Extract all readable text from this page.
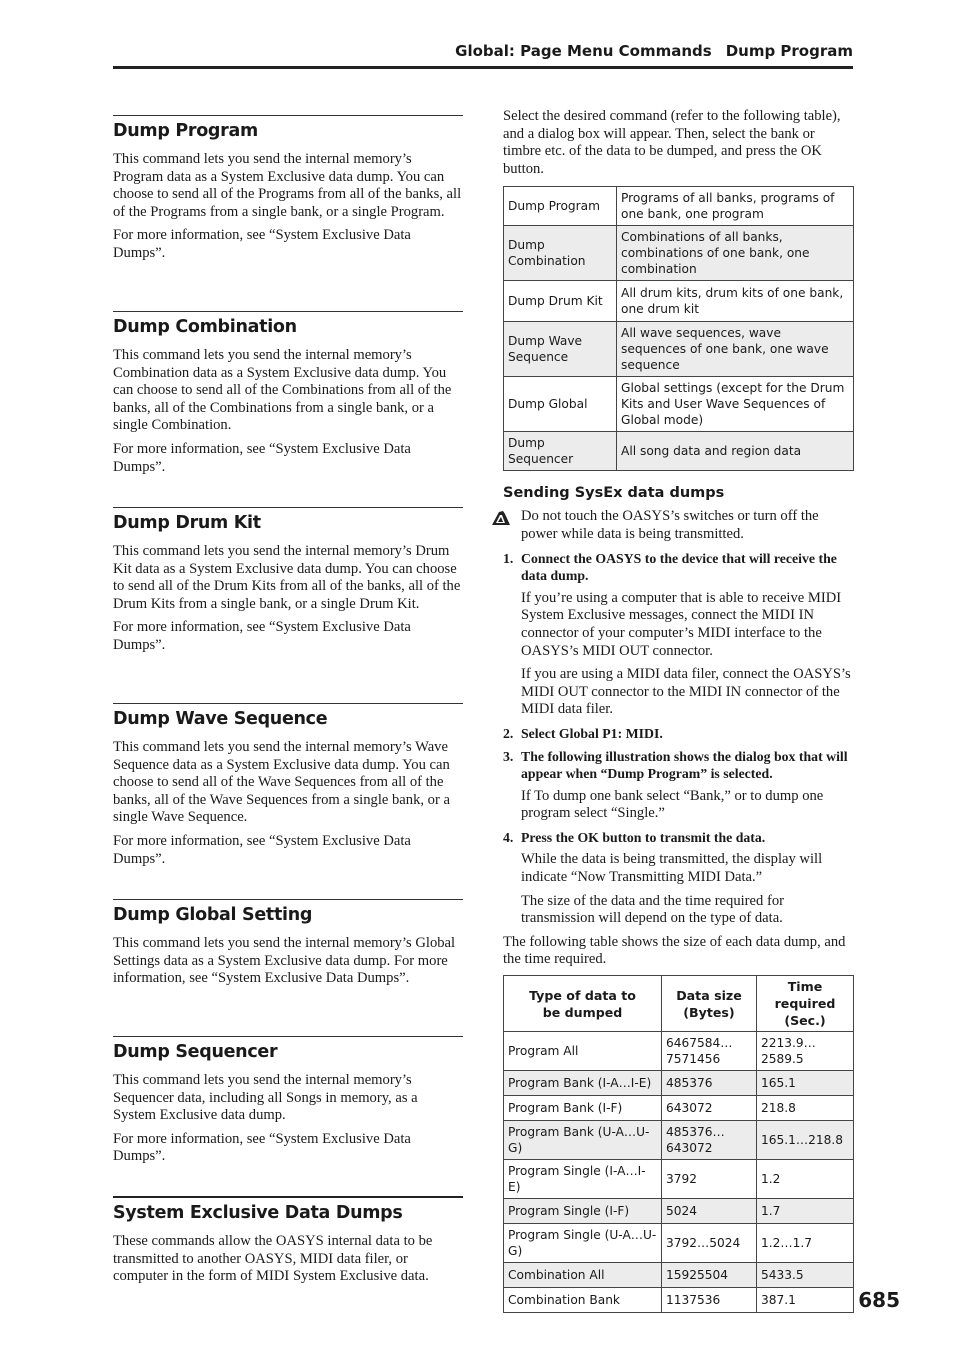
Global: Page Menu Commands Dump Program
Dump Program

This command lets you send the internal memory’s Program data as a System Exclusive data dump. You can choose to send all of the Programs from all of the banks, all of the Programs from a single bank, or a single Program.

For more information, see “System Exclusive Data Dumps”.

Dump Combination

This command lets you send the internal memory’s Combination data as a System Exclusive data dump. You can choose to send all of the Combinations from all of the banks, all of the Combinations from a single bank, or a single Combination.

For more information, see “System Exclusive Data Dumps”.

Dump Drum Kit

This command lets you send the internal memory’s Drum Kit data as a System Exclusive data dump. You can choose to send all of the Drum Kits from all of the banks, all of the Drum Kits from a single bank, or a single Drum Kit.

For more information, see “System Exclusive Data Dumps”.

Dump Wave Sequence

This command lets you send the internal memory’s Wave Sequence data as a System Exclusive data dump. You can choose to send all of the Wave Sequences from all of the banks, all of the Wave Sequences from a single bank, or a single Wave Sequence.

For more information, see “System Exclusive Data Dumps”.

Dump Global Setting

This command lets you send the internal memory’s Global Settings data as a System Exclusive data dump. For more information, see “System Exclusive Data Dumps”.

Dump Sequencer

This command lets you send the internal memory’s Sequencer data, including all Songs in memory, as a System Exclusive data dump.

For more information, see “System Exclusive Data Dumps”.

System Exclusive Data Dumps

These commands allow the OASYS internal data to be transmitted to another OASYS, MIDI data filer, or computer in the form of MIDI System Exclusive data.

Select the desired command (refer to the following table), and a dialog box will appear. Then, select the bank or timbre etc. of the data to be dumped, and press the OK button.

Dump Program	Programs of all banks, programs of one bank, one program
Dump Combination	Combinations of all banks, combinations of one bank, one combination
Dump Drum Kit	All drum kits, drum kits of one bank, one drum kit
Dump Wave Sequence	All wave sequences, wave sequences of one bank, one wave sequence
Dump Global	Global settings (except for the Drum Kits and User Wave Sequences of Global mode)
Dump Sequencer	All song data and region data
Sending SysEx data dumps

Do not touch the OASYS’s switches or turn off the power while data is being transmitted.

1. Connect the OASYS to the device that will receive the data dump.

If you’re using a computer that is able to receive MIDI System Exclusive messages, connect the MIDI IN connector of your computer’s MIDI interface to the OASYS’s MIDI OUT connector.

If you are using a MIDI data filer, connect the OASYS’s MIDI OUT connector to the MIDI IN connector of the MIDI data filer.

2. Select Global P1: MIDI.
3. The following illustration shows the dialog box that will appear when “Dump Program” is selected.

If To dump one bank select “Bank,” or to dump one program select “Single.”

4. Press the OK button to transmit the data.

While the data is being transmitted, the display will indicate “Now Transmitting MIDI Data.”

The size of the data and the time required for transmission will depend on the type of data.

The following table shows the size of each data dump, and the time required.

Type of data to be dumped	Data size (Bytes)	Time required (Sec.)
Program All	6467584… 7571456	2213.9… 2589.5
Program Bank (I-A…I-E)	485376	165.1
Program Bank (I-F)	643072	218.8
Program Bank (U-A…U-G)	485376… 643072	165.1…218.8
Program Single (I-A…I-E)	3792	1.2
Program Single (I-F)	5024	1.7
Program Single (U-A…U-G)	3792…5024	1.2…1.7
Combination All	15925504	5433.5
Combination Bank	1137536	387.1	685
